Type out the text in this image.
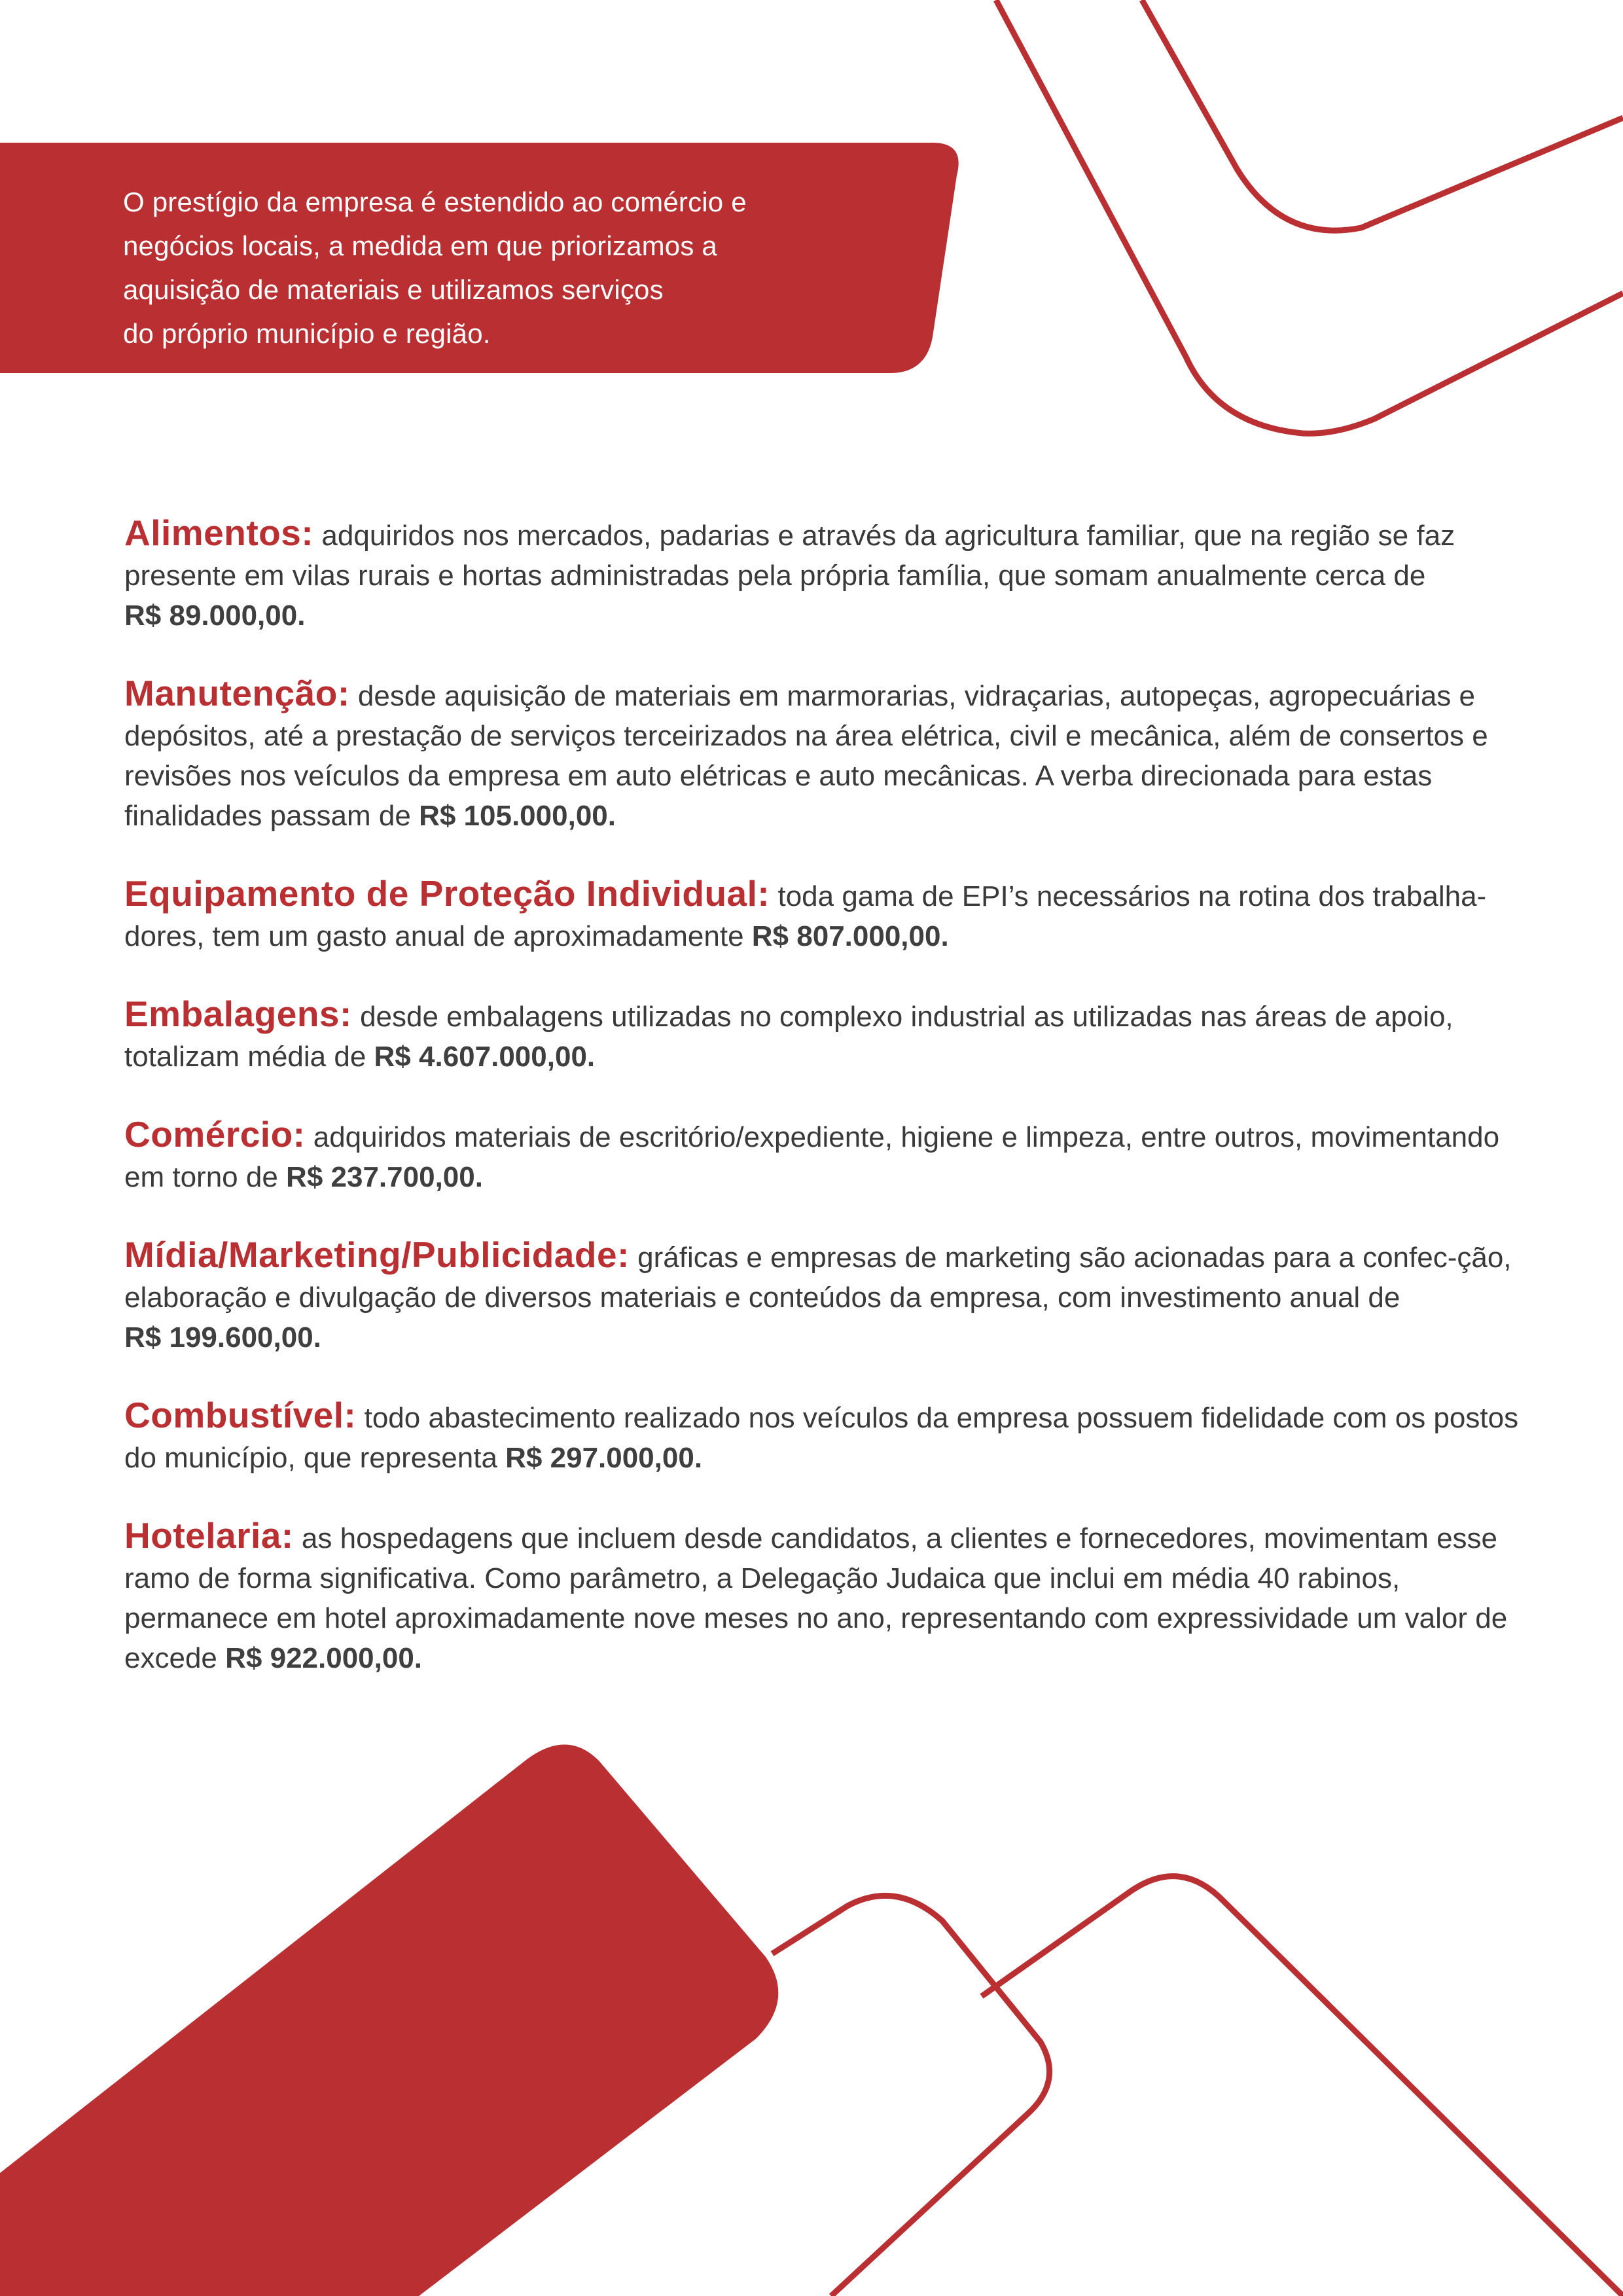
O prestígio da empresa é estendido ao comércio e
negócios locais, a medida em que priorizamos a
aquisição de materiais e utilizamos serviços
do próprio município e região.

Alimentos: adquiridos nos mercados, padarias e através da agricultura familiar, que na região se faz presente em vilas rurais e hortas administradas pela própria família, que somam anualmente cerca de
R$ 89.000,00.

Manutenção: desde aquisição de materiais em marmorarias, vidraçarias, autopeças, agropecuárias e depósitos, até a prestação de serviços terceirizados na área elétrica, civil e mecânica, além de consertos e revisões nos veículos da empresa em auto elétricas e auto mecânicas. A verba direcionada para estas finalidades passam de R$ 105.000,00.

Equipamento de Proteção Individual: toda gama de EPI’s necessários na rotina dos trabalha-dores, tem um gasto anual de aproximadamente R$ 807.000,00.

Embalagens: desde embalagens utilizadas no complexo industrial as utilizadas nas áreas de apoio, totalizam média de R$ 4.607.000,00.

Comércio: adquiridos materiais de escritório/expediente, higiene e limpeza, entre outros, movimentando em torno de R$ 237.700,00.

Mídia/Marketing/Publicidade: gráficas e empresas de marketing são acionadas para a confec-ção, elaboração e divulgação de diversos materiais e conteúdos da empresa, com investimento anual de
R$ 199.600,00.

Combustível: todo abastecimento realizado nos veículos da empresa possuem fidelidade com os postos do município, que representa R$ 297.000,00.

Hotelaria: as hospedagens que incluem desde candidatos, a clientes e fornecedores, movimentam esse ramo de forma significativa. Como parâmetro, a Delegação Judaica que inclui em média 40 rabinos, permanece em hotel aproximadamente nove meses no ano, representando com expressividade um valor de excede R$ 922.000,00.
